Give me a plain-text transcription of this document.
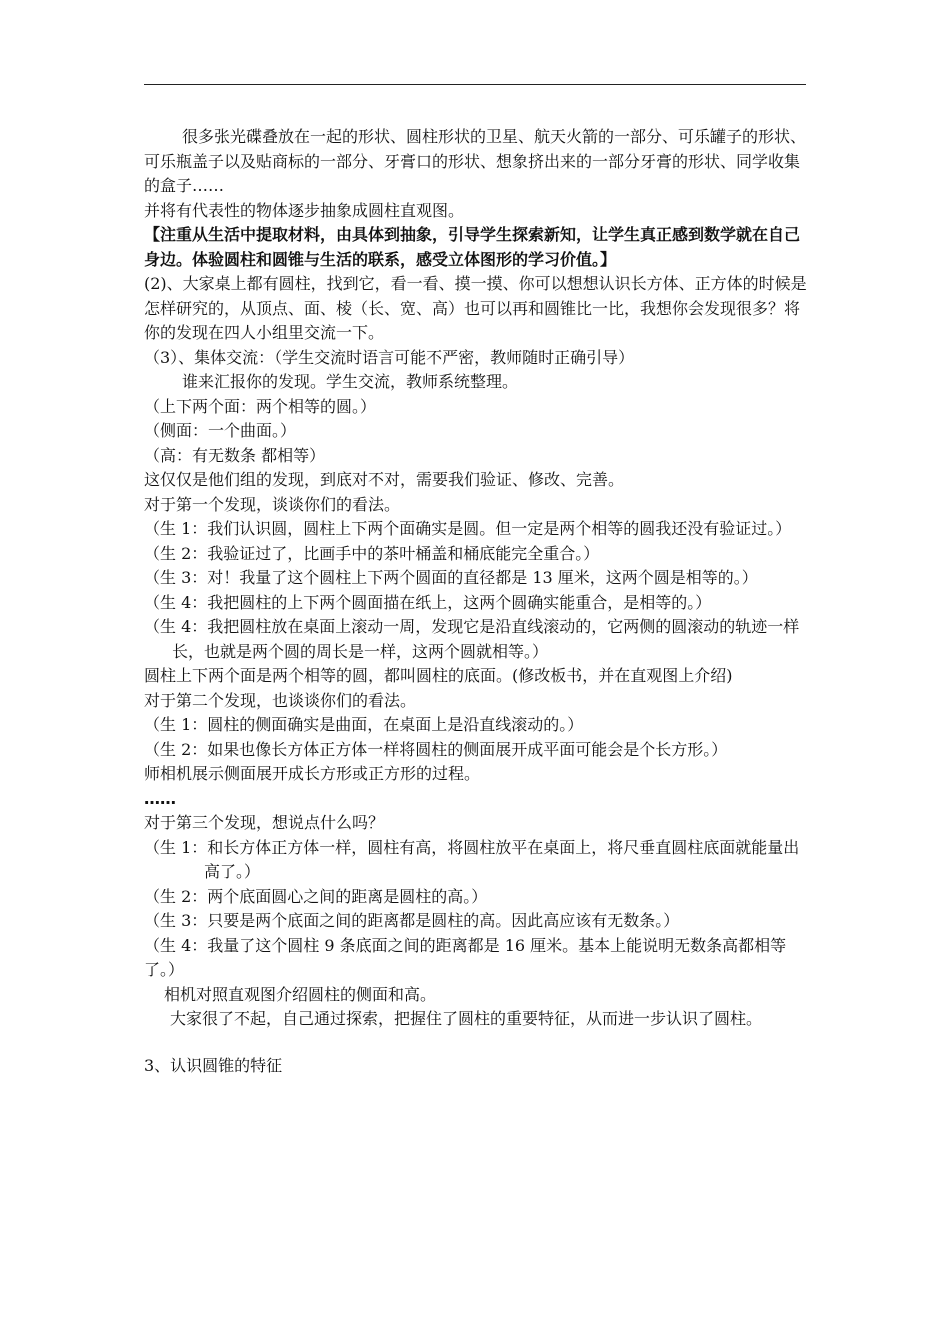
很多张光碟叠放在一起的形状、圆柱形状的卫星、航天火箭的一部分、可乐罐子的形状、可乐瓶盖子以及贴商标的一部分、牙膏口的形状、想象挤出来的一部分牙膏的形状、同学收集的盒子……

并将有代表性的物体逐步抽象成圆柱直观图。

【注重从生活中提取材料，由具体到抽象，引导学生探索新知，让学生真正感到数学就在自己身边。体验圆柱和圆锥与生活的联系，感受立体图形的学习价值。】

(2)、大家桌上都有圆柱，找到它，看一看、摸一摸、你可以想想认识长方体、正方体的时候是怎样研究的，从顶点、面、棱（长、宽、高）也可以再和圆锥比一比，我想你会发现很多？将你的发现在四人小组里交流一下。

（3）、集体交流：（学生交流时语言可能不严密，教师随时正确引导）

谁来汇报你的发现。学生交流，教师系统整理。

（上下两个面：两个相等的圆。）

（侧面：一个曲面。）

（高：有无数条 都相等）

这仅仅是他们组的发现，到底对不对，需要我们验证、修改、完善。

对于第一个发现，谈谈你们的看法。

（生 1：我们认识圆，圆柱上下两个面确实是圆。但一定是两个相等的圆我还没有验证过。）

（生 2：我验证过了，比画手中的茶叶桶盖和桶底能完全重合。）

（生 3：对！我量了这个圆柱上下两个圆面的直径都是 13 厘米，这两个圆是相等的。）

（生 4：我把圆柱的上下两个圆面描在纸上，这两个圆确实能重合，是相等的。）

（生 4：我把圆柱放在桌面上滚动一周，发现它是沿直线滚动的，它两侧的圆滚动的轨迹一样长，也就是两个圆的周长是一样，这两个圆就相等。）

圆柱上下两个面是两个相等的圆，都叫圆柱的底面。(修改板书，并在直观图上介绍)

对于第二个发现，也谈谈你们的看法。

（生 1：圆柱的侧面确实是曲面，在桌面上是沿直线滚动的。）

（生 2：如果也像长方体正方体一样将圆柱的侧面展开成平面可能会是个长方形。）

师相机展示侧面展开成长方形或正方形的过程。

……

对于第三个发现，想说点什么吗？

（生 1：和长方体正方体一样，圆柱有高，将圆柱放平在桌面上，将尺垂直圆柱底面就能量出高了。）

（生 2：两个底面圆心之间的距离是圆柱的高。）

（生 3：只要是两个底面之间的距离都是圆柱的高。因此高应该有无数条。）

（生 4：我量了这个圆柱 9 条底面之间的距离都是 16 厘米。基本上能说明无数条高都相等了。）

相机对照直观图介绍圆柱的侧面和高。

大家很了不起，自己通过探索，把握住了圆柱的重要特征，从而进一步认识了圆柱。

3、认识圆锥的特征
